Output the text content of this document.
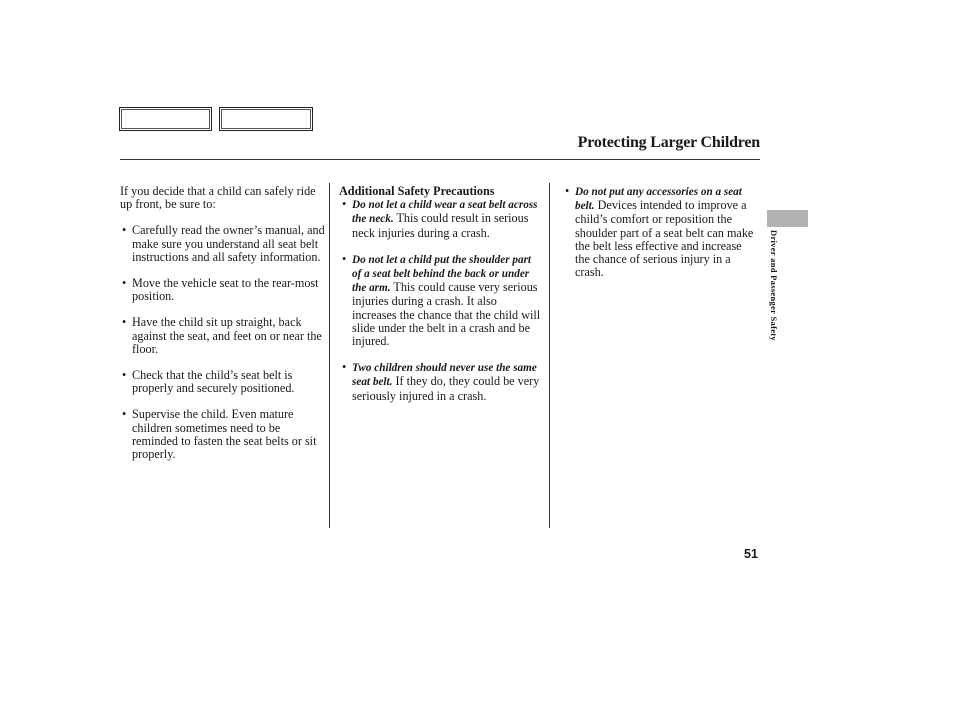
Protecting Larger Children

If you decide that a child can safely ride up front, be sure to:

• Carefully read the owner’s manual, and make sure you understand all seat belt instructions and all safety information.
• Move the vehicle seat to the rear-most position.
• Have the child sit up straight, back against the seat, and feet on or near the floor.
• Check that the child’s seat belt is properly and securely positioned.
• Supervise the child. Even mature children sometimes need to be reminded to fasten the seat belts or sit properly.
Additional Safety Precautions
• Do not let a child wear a seat belt across the neck. This could result in serious neck injuries during a crash.
• Do not let a child put the shoulder part of a seat belt behind the back or under the arm. This could cause very serious injuries during a crash. It also increases the chance that the child will slide under the belt in a crash and be injured.
• Two children should never use the same seat belt. If they do, they could be very seriously injured in a crash.
• Do not put any accessories on a seat belt. Devices intended to improve a child’s comfort or reposition the shoulder part of a seat belt can make the belt less effective and increase the chance of serious injury in a crash.	Driver and Passenger Safety
51
